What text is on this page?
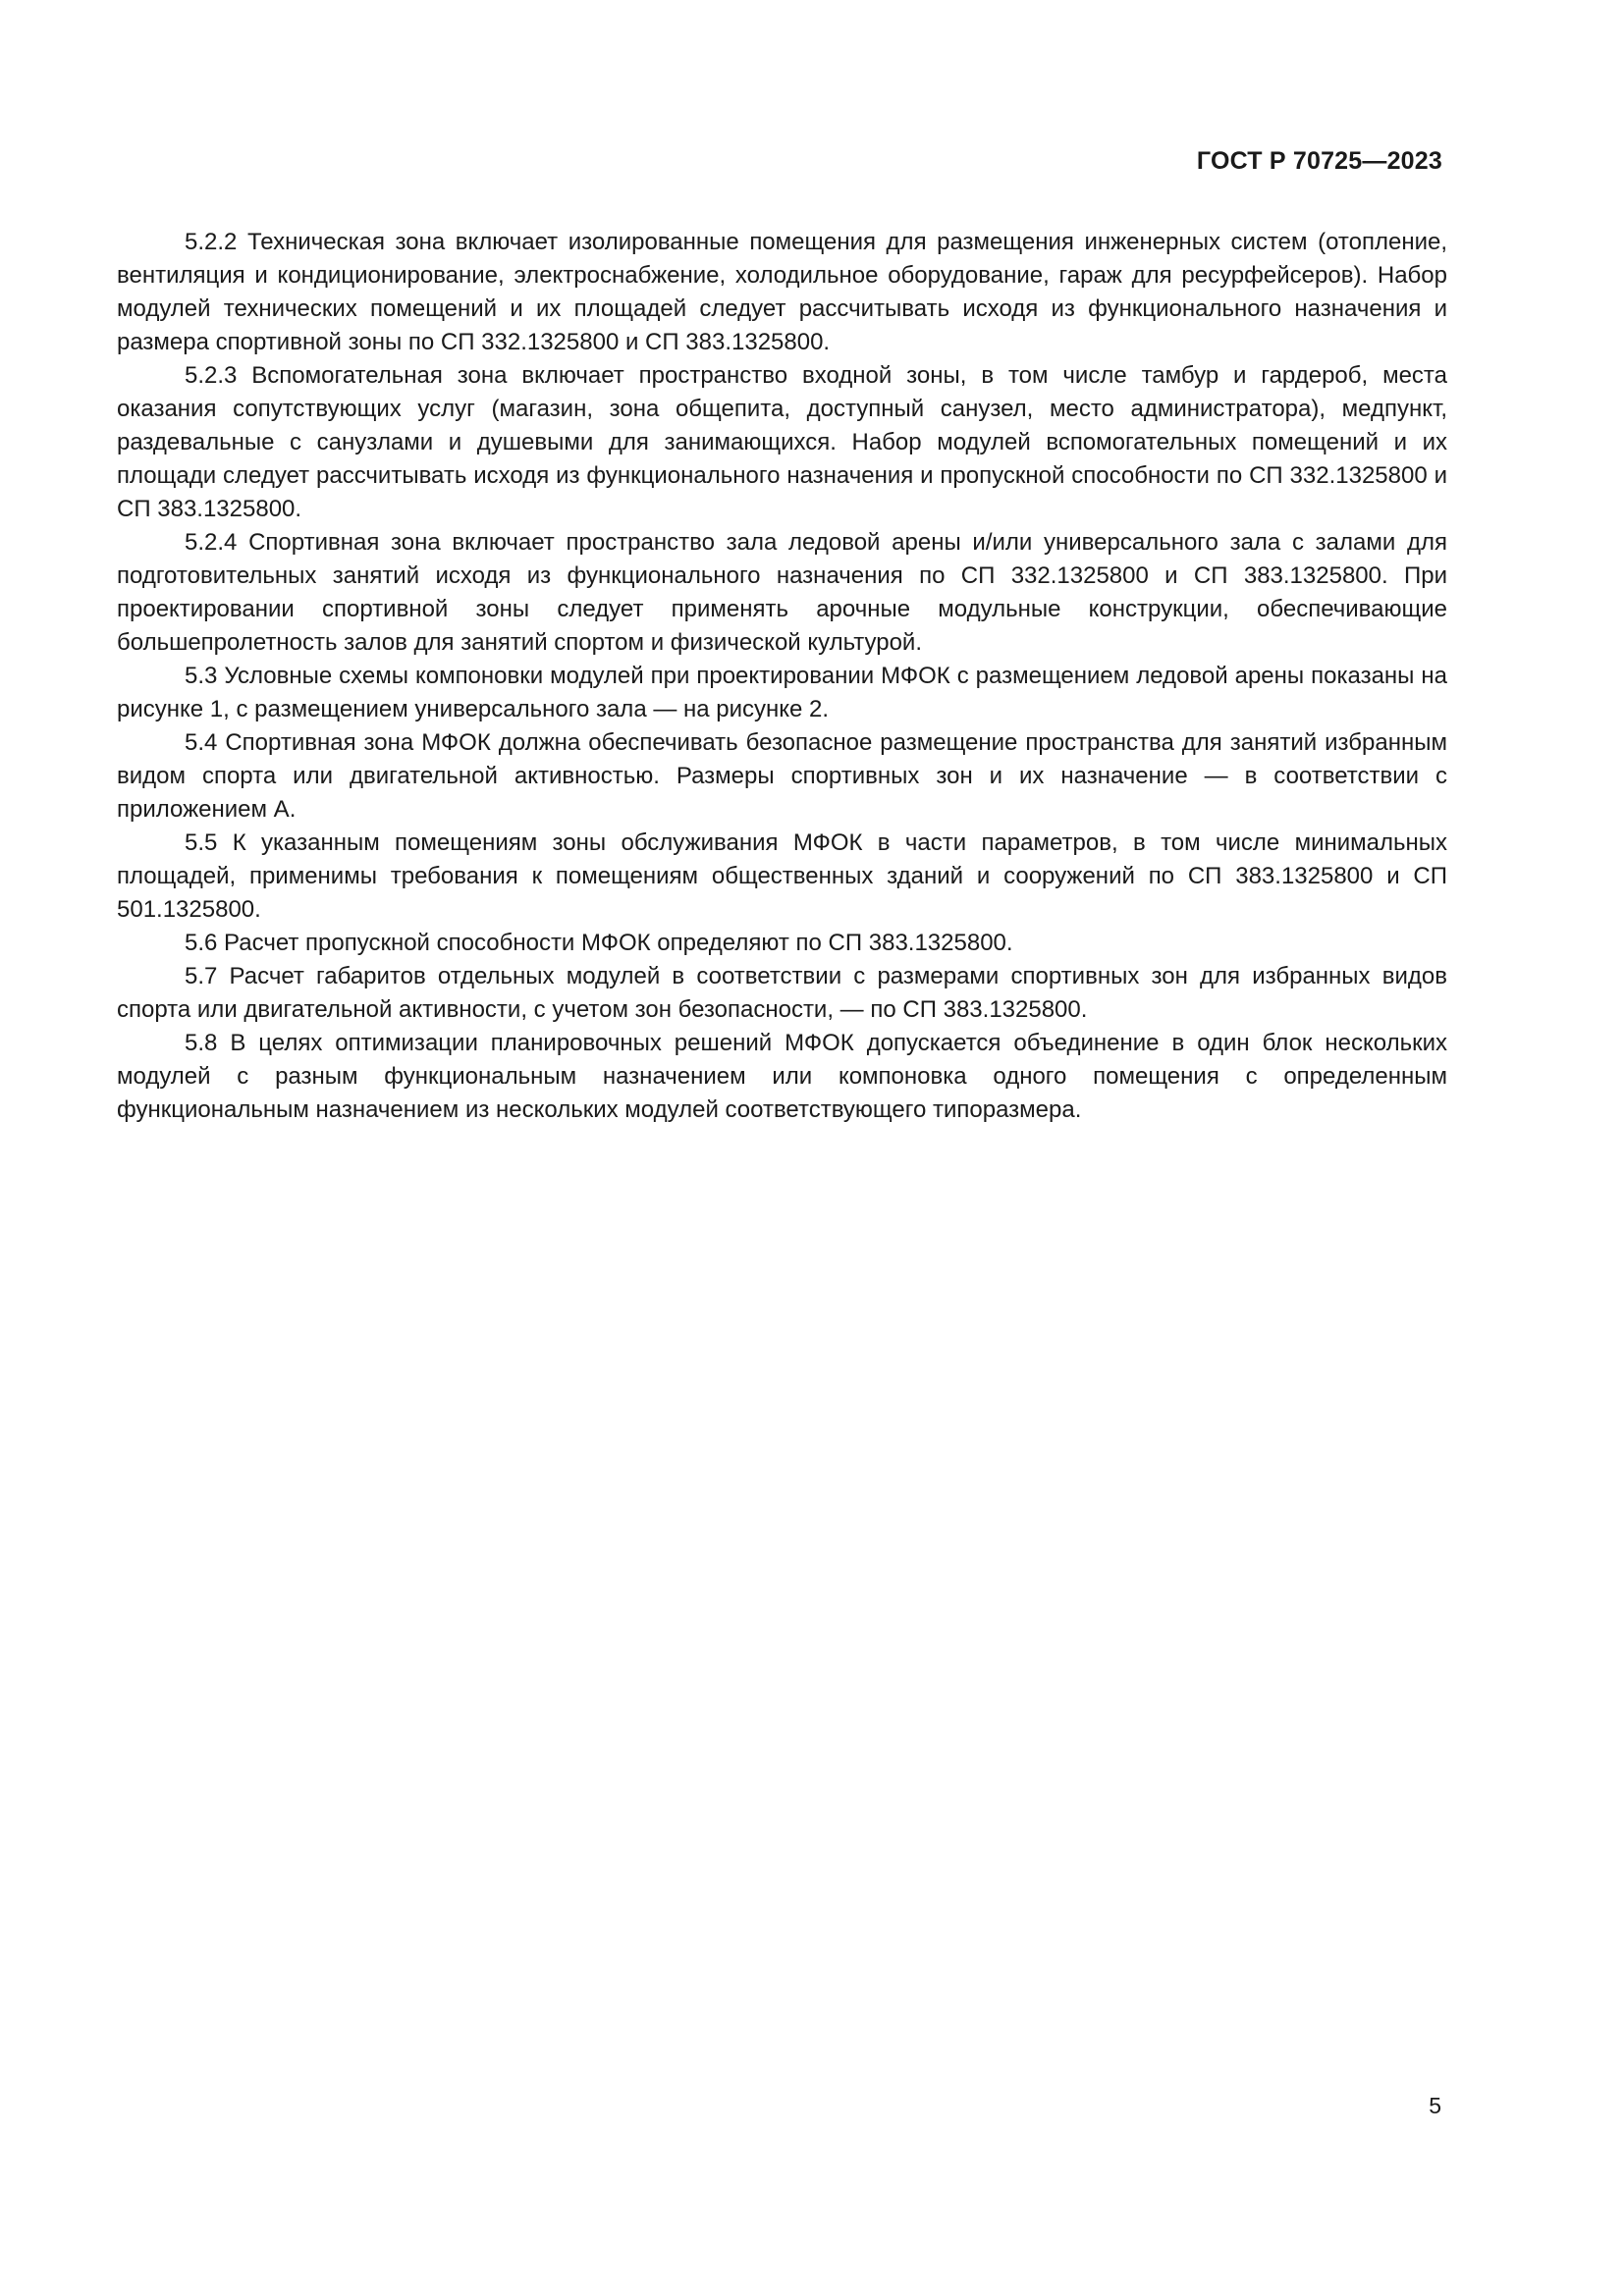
ГОСТ Р 70725—2023

5.2.2 Техническая зона включает изолированные помещения для размещения инженерных систем (отопление, вентиляция и кондиционирование, электроснабжение, холодильное оборудование, гараж для ресурфейсеров). Набор модулей технических помещений и их площадей следует рассчитывать исходя из функционального назначения и размера спортивной зоны по СП 332.1325800 и СП 383.1325800.

5.2.3 Вспомогательная зона включает пространство входной зоны, в том числе тамбур и гардероб, места оказания сопутствующих услуг (магазин, зона общепита, доступный санузел, место администратора), медпункт, раздевальные с санузлами и душевыми для занимающихся. Набор модулей вспомогательных помещений и их площади следует рассчитывать исходя из функционального назначения и пропускной способности по СП 332.1325800 и СП 383.1325800.

5.2.4 Спортивная зона включает пространство зала ледовой арены и/или универсального зала с залами для подготовительных занятий исходя из функционального назначения по СП 332.1325800 и СП 383.1325800. При проектировании спортивной зоны следует применять арочные модульные конструкции, обеспечивающие большепролетность залов для занятий спортом и физической культурой.

5.3 Условные схемы компоновки модулей при проектировании МФОК с размещением ледовой арены показаны на рисунке 1, с размещением универсального зала — на рисунке 2.

5.4 Спортивная зона МФОК должна обеспечивать безопасное размещение пространства для занятий избранным видом спорта или двигательной активностью. Размеры спортивных зон и их назначение — в соответствии с приложением А.

5.5 К указанным помещениям зоны обслуживания МФОК в части параметров, в том числе минимальных площадей, применимы требования к помещениям общественных зданий и сооружений по СП 383.1325800 и СП 501.1325800.

5.6 Расчет пропускной способности МФОК определяют по СП 383.1325800.

5.7 Расчет габаритов отдельных модулей в соответствии с размерами спортивных зон для избранных видов спорта или двигательной активности, с учетом зон безопасности, — по СП 383.1325800.

5.8 В целях оптимизации планировочных решений МФОК допускается объединение в один блок нескольких модулей с разным функциональным назначением или компоновка одного помещения с определенным функциональным назначением из нескольких модулей соответствующего типоразмера.

5
